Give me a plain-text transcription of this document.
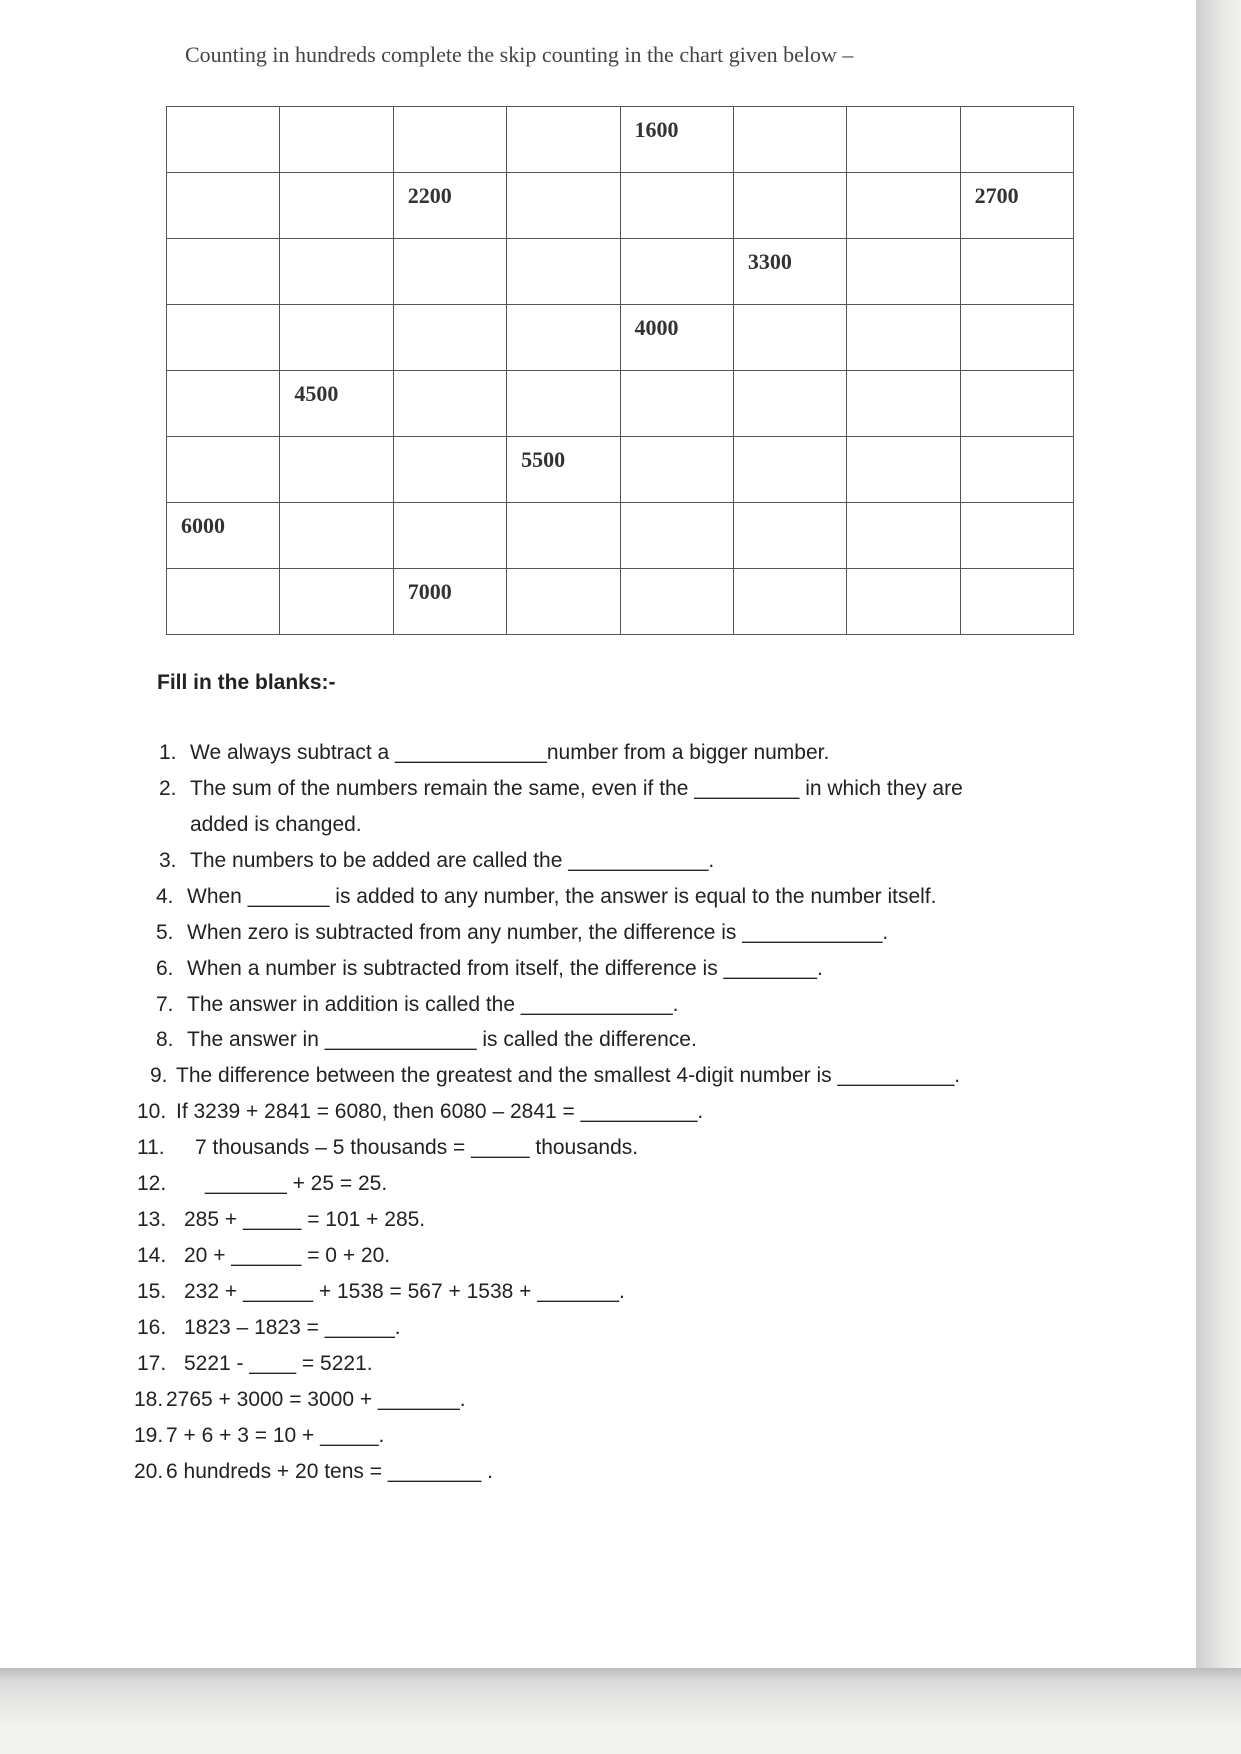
Counting in hundreds complete the skip counting in the chart given below –

				1600			

		2200					2700

					3300		

				4000			

	4500						

			5500				

6000							

		7000					

Fill in the blanks:-
1. We always subtract a _____________number from a bigger number.
2. The sum of the numbers remain the same, even if the _________ in which they are
added is changed.
3. The numbers to be added are called the ____________.
4. When _______ is added to any number, the answer is equal to the number itself.
5. When zero is subtracted from any number, the difference is ____________.
6. When a number is subtracted from itself, the difference is ________.
7. The answer in addition is called the _____________.
8. The answer in _____________ is called the difference.
9. The difference between the greatest and the smallest 4-digit number is __________.
10. If 3239 + 2841 = 6080, then 6080 – 2841 = __________.
11. 7 thousands – 5 thousands = _____ thousands.
12. _______ + 25 = 25.
13. 285 + _____ = 101 + 285.
14. 20 + ______ = 0 + 20.
15. 232 + ______ + 1538 = 567 + 1538 + _______.
16. 1823 – 1823 = ______.
17. 5221 - ____ = 5221.
18. 2765 + 3000 = 3000 + _______.
19. 7 + 6 + 3 = 10 + _____.
20. 6 hundreds + 20 tens = ________ .
